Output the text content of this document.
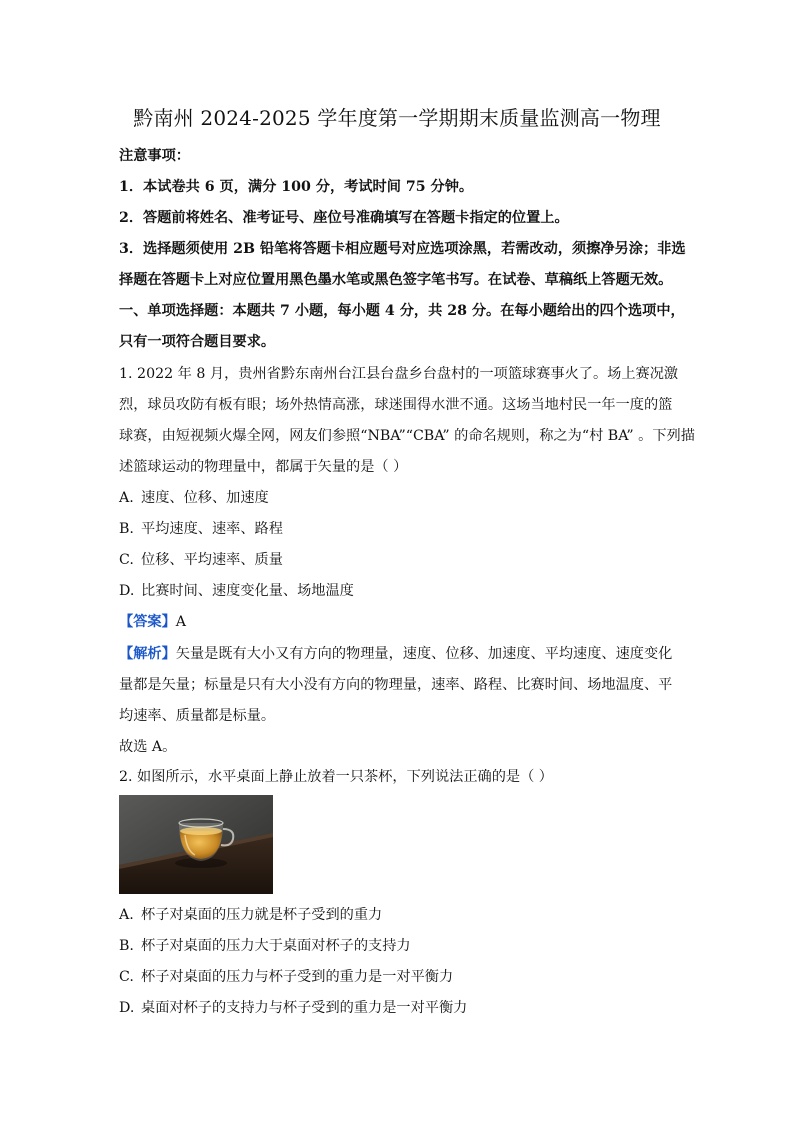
黔南州 2024-2025 学年度第一学期期末质量监测高一物理
注意事项：
1．本试卷共 6 页，满分 100 分，考试时间 75 分钟。
2．答题前将姓名、准考证号、座位号准确填写在答题卡指定的位置上。
3．选择题须使用 2B 铅笔将答题卡相应题号对应选项涂黑，若需改动，须擦净另涂；非选
择题在答题卡上对应位置用黑色墨水笔或黑色签字笔书写。在试卷、草稿纸上答题无效。
一、单项选择题：本题共 7 小题，每小题 4 分，共 28 分。在每小题给出的四个选项中，
只有一项符合题目要求。
1. 2022 年 8 月，贵州省黔东南州台江县台盘乡台盘村的一项篮球赛事火了。场上赛况激
烈，球员攻防有板有眼；场外热情高涨，球迷围得水泄不通。这场当地村民一年一度的篮
球赛，由短视频火爆全网，网友们参照“NBA”“CBA” 的命名规则，称之为“村 BA” 。下列描
述篮球运动的物理量中，都属于矢量的是（ ）
A. 速度、位移、加速度
B. 平均速度、速率、路程
C. 位移、平均速率、质量
D. 比赛时间、速度变化量、场地温度
【答案】A
【解析】矢量是既有大小又有方向的物理量，速度、位移、加速度、平均速度、速度变化
量都是矢量；标量是只有大小没有方向的物理量，速率、路程、比赛时间、场地温度、平
均速率、质量都是标量。
故选 A。
2. 如图所示，水平桌面上静止放着一只茶杯，下列说法正确的是（ ）
A. 杯子对桌面的压力就是杯子受到的重力
B. 杯子对桌面的压力大于桌面对杯子的支持力
C. 杯子对桌面的压力与杯子受到的重力是一对平衡力
D. 桌面对杯子的支持力与杯子受到的重力是一对平衡力
